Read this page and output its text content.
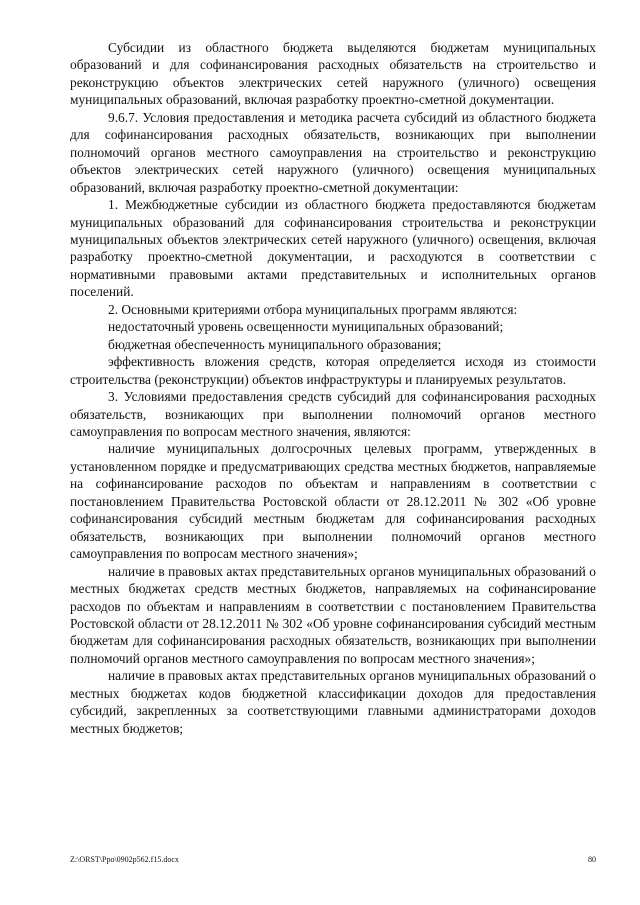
Субсидии из областного бюджета выделяются бюджетам муниципальных образований и для софинансирования расходных обязательств на строительство и реконструкцию объектов электрических сетей наружного (уличного) освещения муниципальных образований, включая разработку проектно-сметной документации.

9.6.7. Условия предоставления и методика расчета субсидий из областного бюджета для софинансирования расходных обязательств, возникающих при выполнении полномочий органов местного самоуправления на строительство и реконструкцию объектов электрических сетей наружного (уличного) освещения муниципальных образований, включая разработку проектно-сметной документации:

1. Межбюджетные субсидии из областного бюджета предоставляются бюджетам муниципальных образований для софинансирования строительства и реконструкции муниципальных объектов электрических сетей наружного (уличного) освещения, включая разработку проектно-сметной документации, и расходуются в соответствии с нормативными правовыми актами представительных и исполнительных органов поселений.

2. Основными критериями отбора муниципальных программ являются:

недостаточный уровень освещенности муниципальных образований;

бюджетная обеспеченность муниципального образования;

эффективность вложения средств, которая определяется исходя из стоимости строительства (реконструкции) объектов инфраструктуры и планируемых результатов.

3. Условиями предоставления средств субсидий для софинансирования расходных обязательств, возникающих при выполнении полномочий органов местного самоуправления по вопросам местного значения, являются:

наличие муниципальных долгосрочных целевых программ, утвержденных в установленном порядке и предусматривающих средства местных бюджетов, направляемые на софинансирование расходов по объектам и направлениям в соответствии с постановлением Правительства Ростовской области от 28.12.2011 № 302 «Об уровне софинансирования субсидий местным бюджетам для софинансирования расходных обязательств, возникающих при выполнении полномочий органов местного самоуправления по вопросам местного значения»;

наличие в правовых актах представительных органов муниципальных образований о местных бюджетах средств местных бюджетов, направляемых на софинансирование расходов по объектам и направлениям в соответствии с постановлением Правительства Ростовской области от 28.12.2011 № 302 «Об уровне софинансирования субсидий местным бюджетам для софинансирования расходных обязательств, возникающих при выполнении полномочий органов местного самоуправления по вопросам местного значения»;

наличие в правовых актах представительных органов муниципальных образований о местных бюджетах кодов бюджетной классификации доходов для предоставления субсидий, закрепленных за соответствующими главными администраторами доходов местных бюджетов;

Z:\ORST\Ppo\0902p562.f15.docx	80
